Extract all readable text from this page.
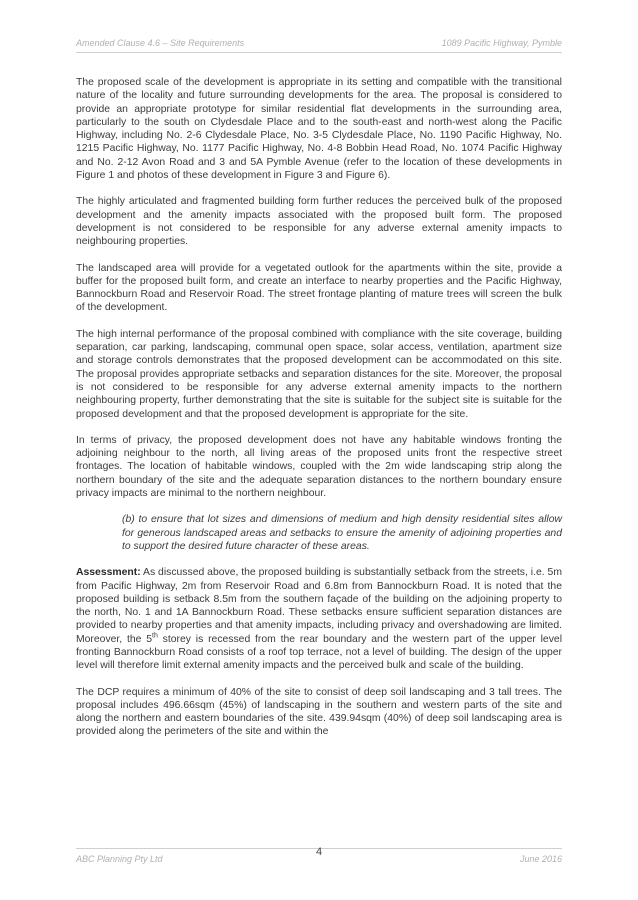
Amended Clause 4.6 – Site Requirements	1089 Pacific Highway, Pymble

The proposed scale of the development is appropriate in its setting and compatible with the transitional nature of the locality and future surrounding developments for the area. The proposal is considered to provide an appropriate prototype for similar residential flat developments in the surrounding area, particularly to the south on Clydesdale Place and to the south-east and north-west along the Pacific Highway, including No. 2-6 Clydesdale Place, No. 3-5 Clydesdale Place, No. 1190 Pacific Highway, No. 1215 Pacific Highway, No. 1177 Pacific Highway, No. 4-8 Bobbin Head Road, No. 1074 Pacific Highway and No. 2-12 Avon Road and 3 and 5A Pymble Avenue (refer to the location of these developments in Figure 1 and photos of these development in Figure 3 and Figure 6).

The highly articulated and fragmented building form further reduces the perceived bulk of the proposed development and the amenity impacts associated with the proposed built form. The proposed development is not considered to be responsible for any adverse external amenity impacts to neighbouring properties.

The landscaped area will provide for a vegetated outlook for the apartments within the site, provide a buffer for the proposed built form, and create an interface to nearby properties and the Pacific Highway, Bannockburn Road and Reservoir Road. The street frontage planting of mature trees will screen the bulk of the development.

The high internal performance of the proposal combined with compliance with the site coverage, building separation, car parking, landscaping, communal open space, solar access, ventilation, apartment size and storage controls demonstrates that the proposed development can be accommodated on this site. The proposal provides appropriate setbacks and separation distances for the site. Moreover, the proposal is not considered to be responsible for any adverse external amenity impacts to the northern neighbouring property, further demonstrating that the site is suitable for the subject site is suitable for the proposed development and that the proposed development is appropriate for the site.

In terms of privacy, the proposed development does not have any habitable windows fronting the adjoining neighbour to the north, all living areas of the proposed units front the respective street frontages. The location of habitable windows, coupled with the 2m wide landscaping strip along the northern boundary of the site and the adequate separation distances to the northern boundary ensure privacy impacts are minimal to the northern neighbour.

(b) to ensure that lot sizes and dimensions of medium and high density residential sites allow for generous landscaped areas and setbacks to ensure the amenity of adjoining properties and to support the desired future character of these areas.

Assessment: As discussed above, the proposed building is substantially setback from the streets, i.e. 5m from Pacific Highway, 2m from Reservoir Road and 6.8m from Bannockburn Road. It is noted that the proposed building is setback 8.5m from the southern façade of the building on the adjoining property to the north, No. 1 and 1A Bannockburn Road. These setbacks ensure sufficient separation distances are provided to nearby properties and that amenity impacts, including privacy and overshadowing are limited. Moreover, the 5th storey is recessed from the rear boundary and the western part of the upper level fronting Bannockburn Road consists of a roof top terrace, not a level of building. The design of the upper level will therefore limit external amenity impacts and the perceived bulk and scale of the building.

The DCP requires a minimum of 40% of the site to consist of deep soil landscaping and 3 tall trees. The proposal includes 496.66sqm (45%) of landscaping in the southern and western parts of the site and along the northern and eastern boundaries of the site. 439.94sqm (40%) of deep soil landscaping area is provided along the perimeters of the site and within the

ABC Planning Pty Ltd
4
June 2016
